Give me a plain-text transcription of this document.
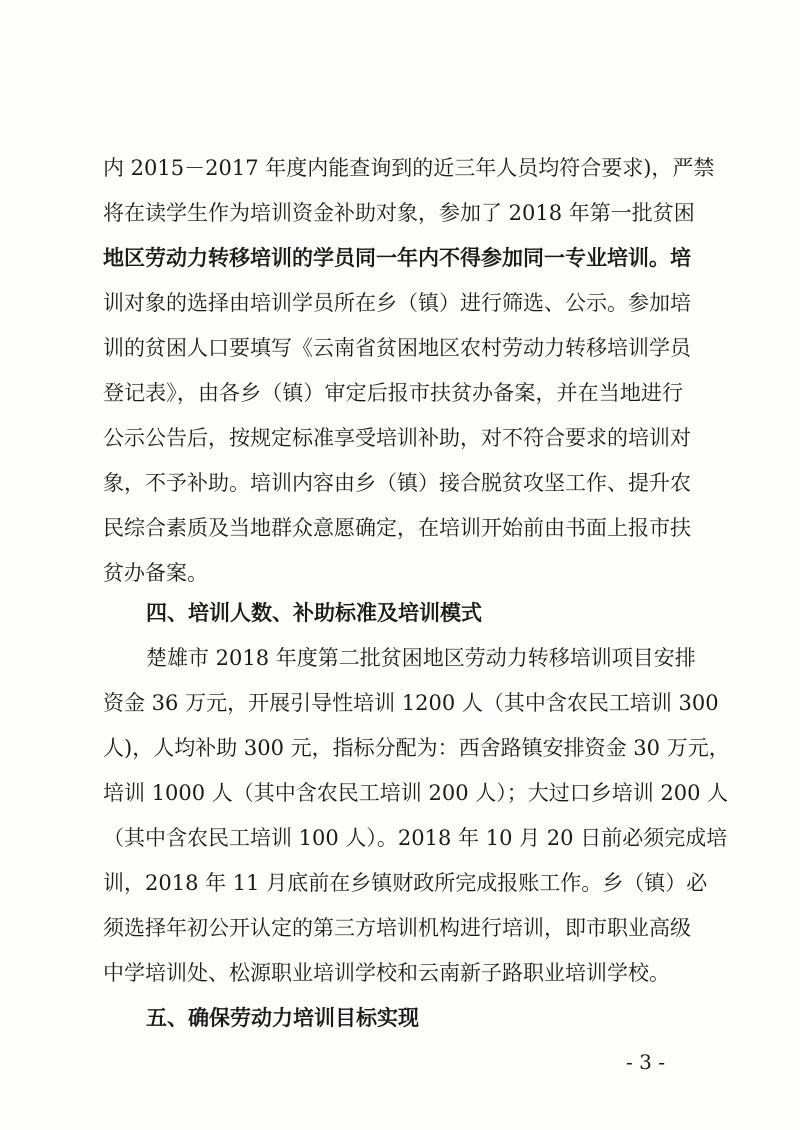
内 2015－2017 年度内能查询到的近三年人员均符合要求)，严禁
将在读学生作为培训资金补助对象，参加了 2018 年第一批贫困
地区劳动力转移培训的学员同一年内不得参加同一专业培训。培
训对象的选择由培训学员所在乡（镇）进行筛选、公示。参加培
训的贫困人口要填写《云南省贫困地区农村劳动力转移培训学员
登记表》，由各乡（镇）审定后报市扶贫办备案，并在当地进行
公示公告后，按规定标准享受培训补助，对不符合要求的培训对
象，不予补助。培训内容由乡（镇）接合脱贫攻坚工作、提升农
民综合素质及当地群众意愿确定，在培训开始前由书面上报市扶
贫办备案。
四、培训人数、补助标准及培训模式
楚雄市 2018 年度第二批贫困地区劳动力转移培训项目安排
资金 36 万元，开展引导性培训 1200 人（其中含农民工培训 300
人)，人均补助 300 元，指标分配为：西舍路镇安排资金 30 万元，
培训 1000 人（其中含农民工培训 200 人）；大过口乡培训 200 人
（其中含农民工培训 100 人）。2018 年 10 月 20 日前必须完成培
训，2018 年 11 月底前在乡镇财政所完成报账工作。乡（镇）必
须选择年初公开认定的第三方培训机构进行培训，即市职业高级
中学培训处、松源职业培训学校和云南新子路职业培训学校。
五、确保劳动力培训目标实现
- 3 -
